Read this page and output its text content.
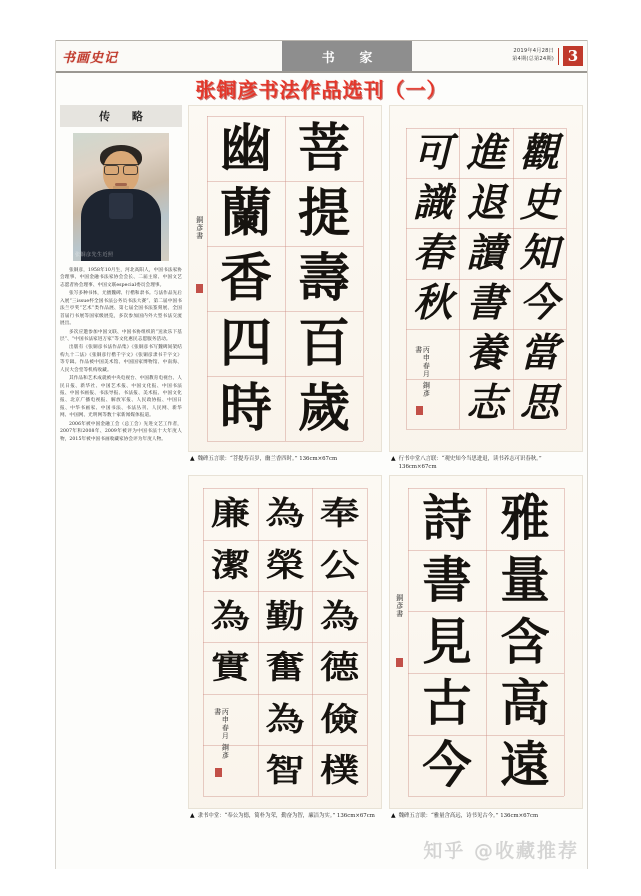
书画史记	书 家	2019年4月28日
第4期(总第24期) 3
张铜彦书法作品选刊（一）
传 略
张铜彦先生近照

张铜彦，1958年10月生，河北高阳人，中国书法家协会理事、中国金融书法家协会会长、二届主席、中国文艺志愿者协会理事、中国文联especial委员会理事。

张写多种书体，尤擅魏碑、行楷和隶书。与法作品先后入展“三issue杯全国书法公务员书法大赛”、第二届中国书法兰亭奖“艺术”类作品展、第七届全国书法篆刻展、全国首届行书展等国家级展览，多次参加国内外大型书法交流展出。

多次应邀参加中国文联、中国书协组织的“送欢乐下基层”、“中国书法家进万家”等文化惠民志愿服务活动。

出版有《张铜彦书法作品集》《张铜彦书写魏碑间架结构九十二法》《张铜彦行楷千字文》《张铜彦隶书千字文》等专辑。作品被中国美术馆、中国国家博物馆、中南海、人民大会堂等机构收藏。

其作品和艺术成就被中央电视台、中国教育电视台、人民日报、新华社、中国艺术报、中国文化报、中国书法报、中国书画报、书法导报、书法报、美术报、中国文化报、北京广播电视报、解放军报、人民政协报、中国日报、中华书画家、中国书法、书法丛刊、人民网、新华网、中国网、光明网等数十家新闻媒体报道。

2006年被中国金融工会（总工会）先进文艺工作者，2007年和2008年、2009年被评为中国书法十大年度人物，2015年被中国书画收藏家协会评为年度人物。

菩
提
壽
百
歲
幽
蘭
香
四
時
銅彥書
▲ 魏碑五言联：“菩提寿百岁，幽兰香四时。” 136cm×67cm
觀
史
知
今
當
思
進
退
讀
書
養
志
可
識
春
秋
丙申春月 銅彥書
▲ 行书中堂八言联：“观史知今当思进退，读书养志可识春秋。” 136cm×67cm
奉
公
為
德
儉
樸
為
榮
勤
奮
為
智
廉
潔
為
實
丙申春月 銅彥書
▲ 隶书中堂：“奉公为德，简朴为荣，勤奋为智，廉洁为实。” 136cm×67cm
雅
量
含
高
遠
詩
書
見
古
今
銅彥書
▲ 魏碑五言联：“雅量含高远，诗书见古今。” 136cm×67cm
知乎 @收藏推荐
